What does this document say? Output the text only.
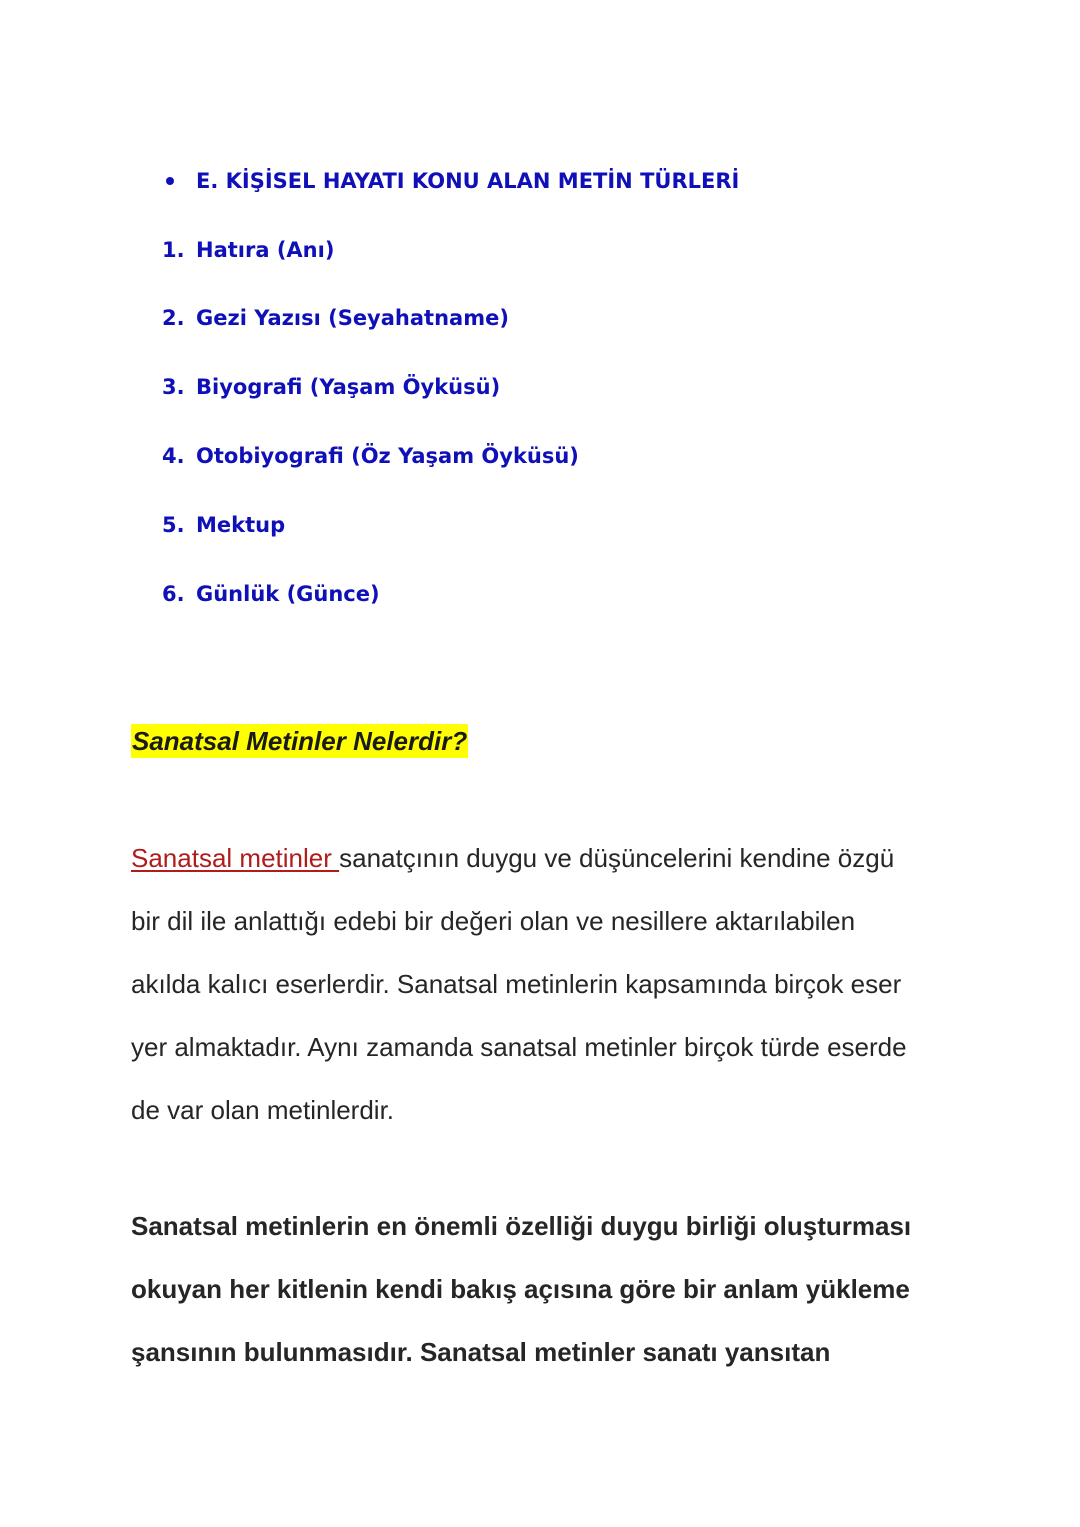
E. KİŞİSEL HAYATI KONU ALAN METİN TÜRLERİ
1. Hatıra (Anı)
2. Gezi Yazısı (Seyahatname)
3. Biyografi (Yaşam Öyküsü)
4. Otobiyografi (Öz Yaşam Öyküsü)
5. Mektup
6. Günlük (Günce)
Sanatsal Metinler Nelerdir?
Sanatsal metinler sanatçının duygu ve düşüncelerini kendine özgü
bir dil ile anlattığı edebi bir değeri olan ve nesillere aktarılabilen
akılda kalıcı eserlerdir. Sanatsal metinlerin kapsamında birçok eser
yer almaktadır. Aynı zamanda sanatsal metinler birçok türde eserde
de var olan metinlerdir.
Sanatsal metinlerin en önemli özelliği duygu birliği oluşturması
okuyan her kitlenin kendi bakış açısına göre bir anlam yükleme
şansının bulunmasıdır. Sanatsal metinler sanatı yansıtan
